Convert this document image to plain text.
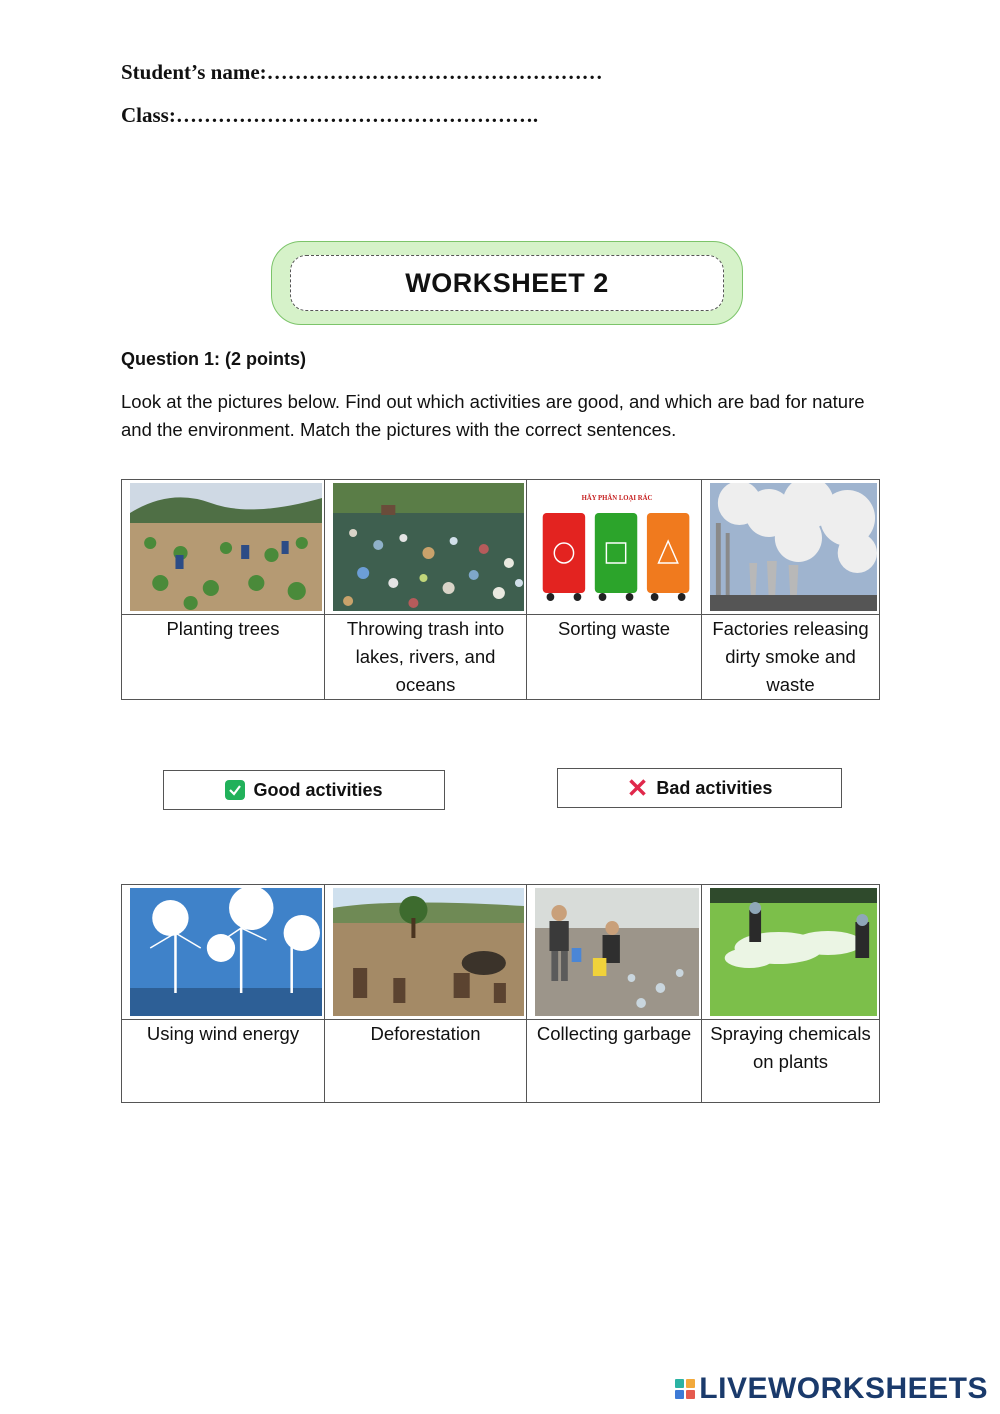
Student’s name:…………………………………………
Class:…………………………………………….
WORKSHEET 2
Question 1: (2 points)
Look at the pictures below. Find out which activities are good, and which are bad for nature and the environment. Match the pictures with the correct sentences.

HÃY PHÂN LOẠI RÁC

Planting trees	Throwing trash into lakes, rivers, and oceans	Sorting waste	Factories releasing dirty smoke and waste
Good activities	✕ Bad activities

Using wind energy	Deforestation	Collecting garbage	Spraying chemicals on plants
LIVEWORKSHEETS
